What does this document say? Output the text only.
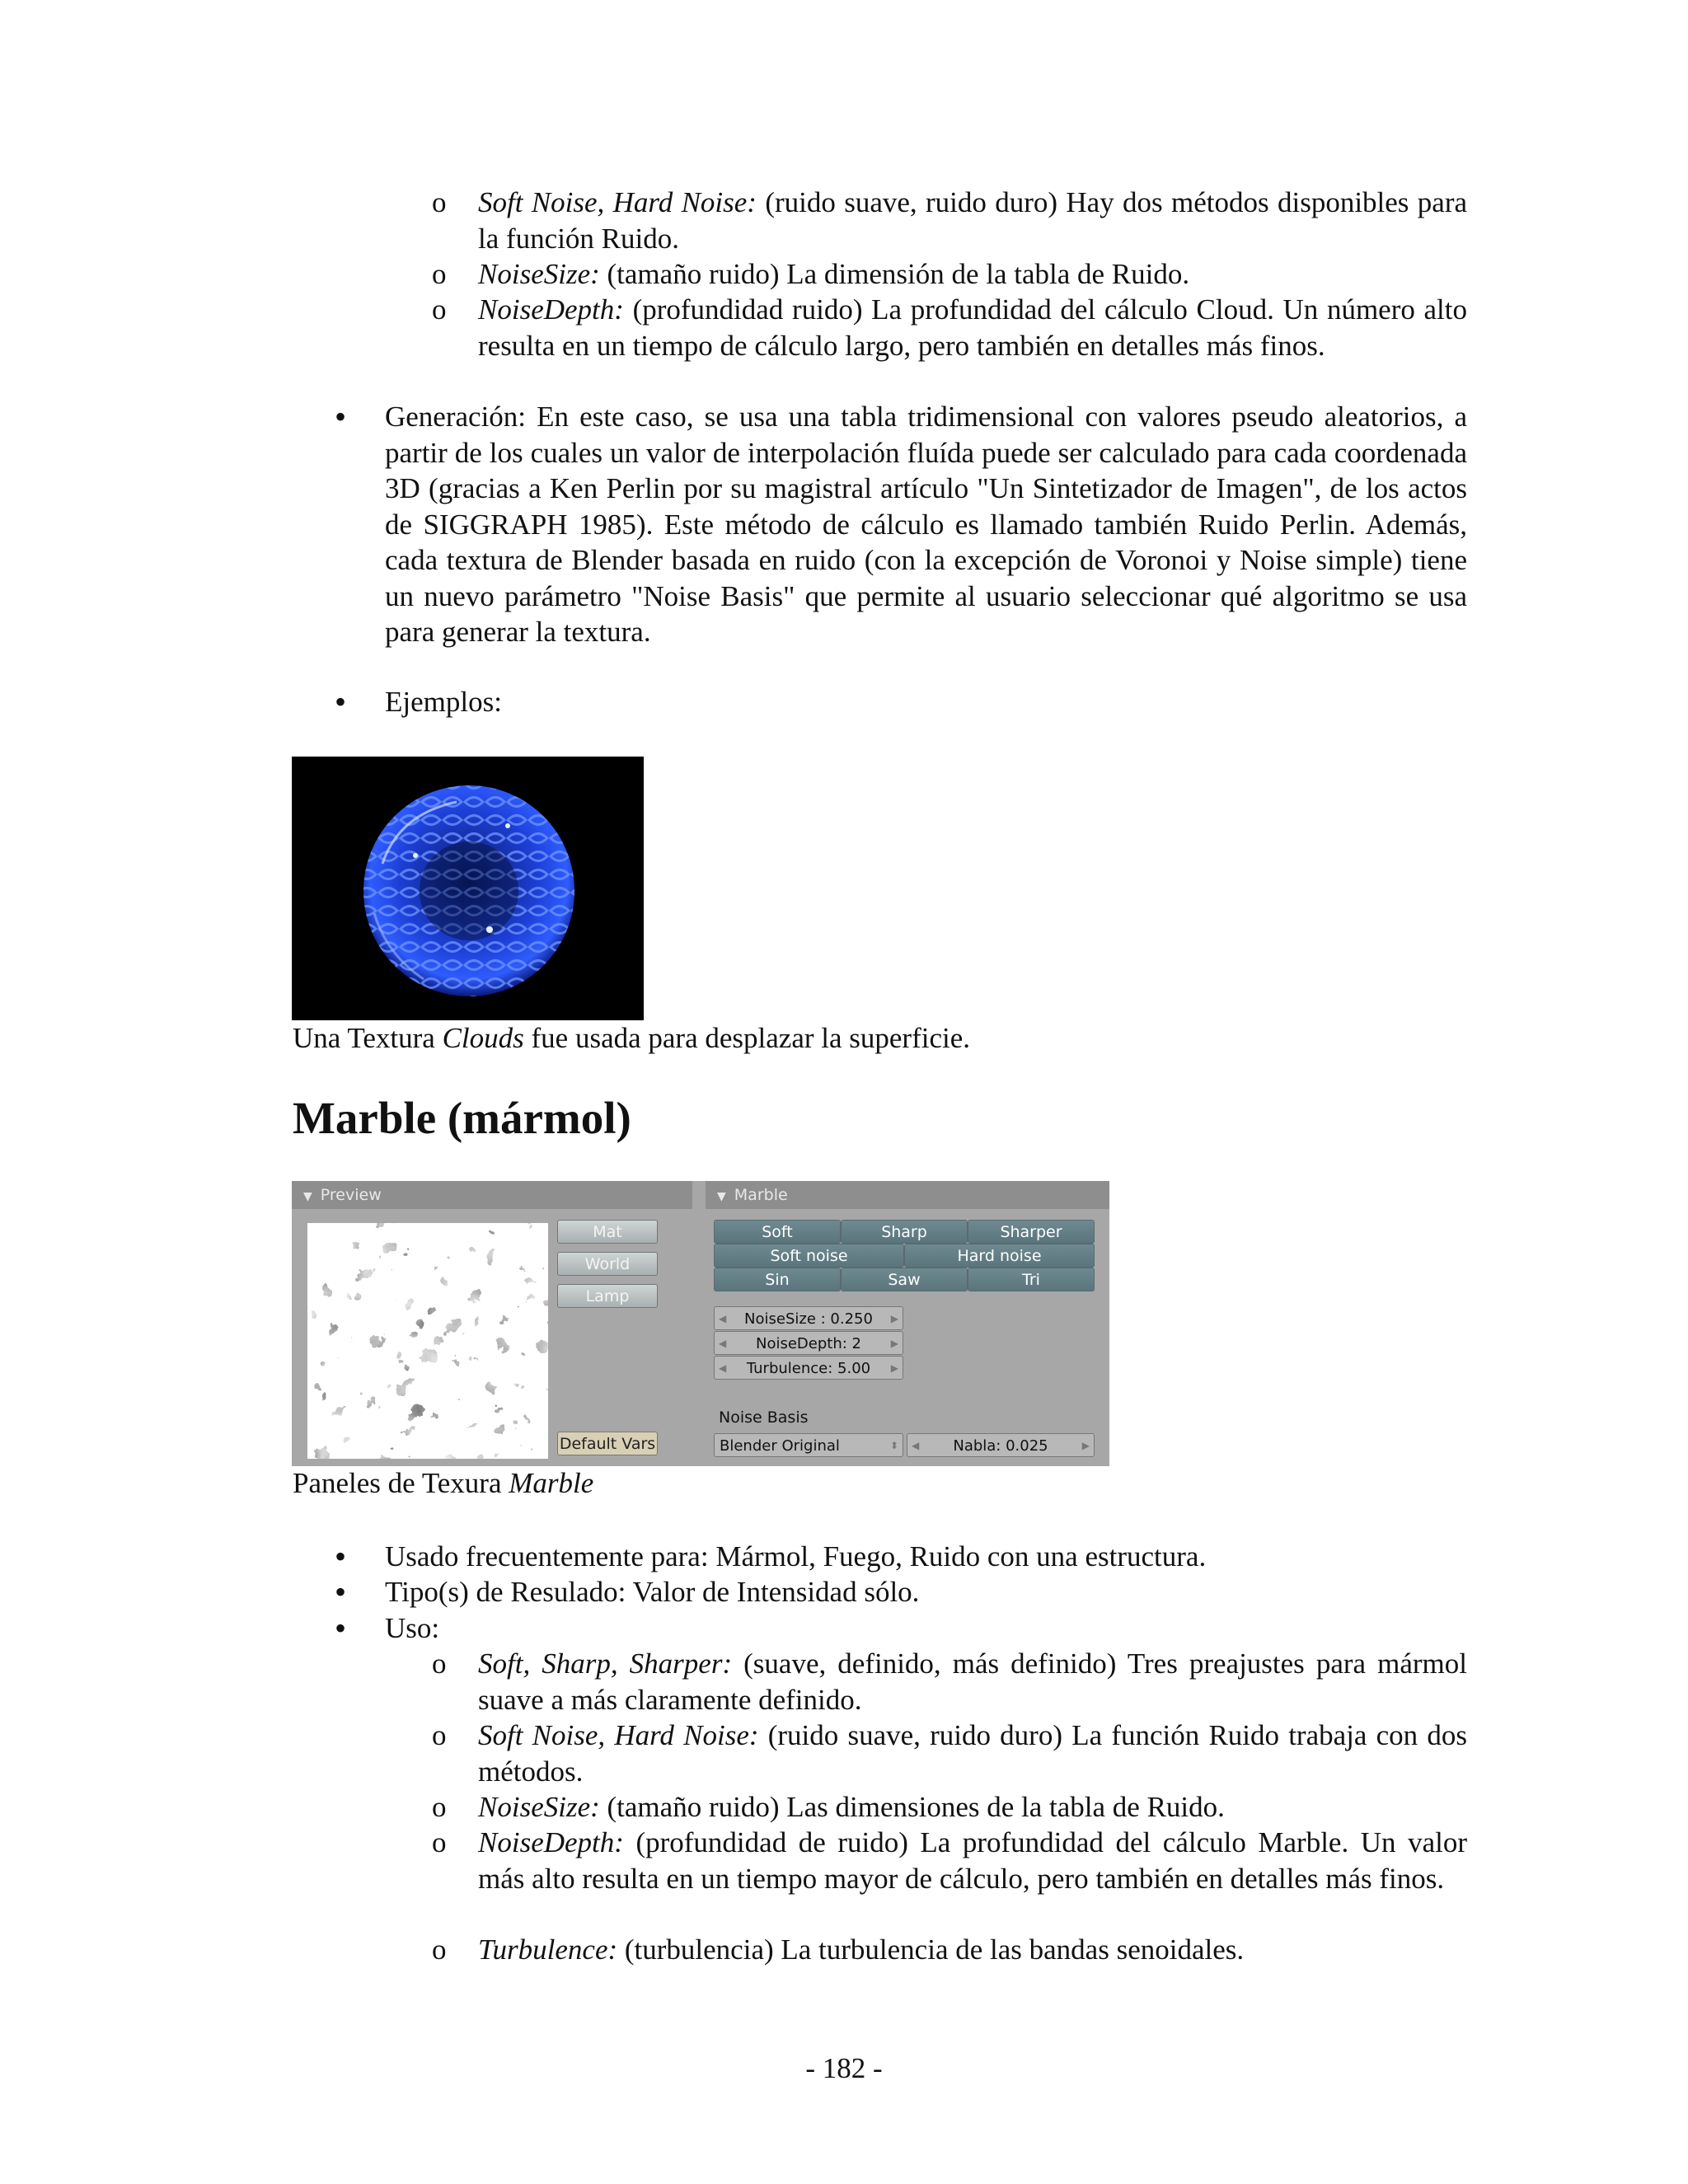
o Soft Noise, Hard Noise: (ruido suave, ruido duro) Hay dos métodos disponibles para la función Ruido.
o NoiseSize: (tamaño ruido) La dimensión de la tabla de Ruido.
o NoiseDepth: (profundidad ruido) La profundidad del cálculo Cloud. Un número alto resulta en un tiempo de cálculo largo, pero también en detalles más finos.
• Generación: En este caso, se usa una tabla tridimensional con valores pseudo aleatorios, a partir de los cuales un valor de interpolación fluída puede ser calculado para cada coordenada 3D (gracias a Ken Perlin por su magistral artículo "Un Sintetizador de Imagen", de los actos de SIGGRAPH 1985). Este método de cálculo es llamado también Ruido Perlin. Además, cada textura de Blender basada en ruido (con la excepción de Voronoi y Noise simple) tiene un nuevo parámetro "Noise Basis" que permite al usuario seleccionar qué algoritmo se usa para generar la textura.
• Ejemplos:
Una Textura Clouds fue usada para desplazar la superficie.
Marble (mármol)
▼ Preview	▼ Marble
Mat
World
Lamp
Default Vars
Soft	Sharp	Sharper
Soft noise	Hard noise
Sin	Saw	Tri
◀ NoiseSize : 0.250 ▶
◀ NoiseDepth: 2	▶
◀ Turbulence: 5.00 ▶
Noise Basis
Blender Original	⬍ ◀ Nabla: 0.025	▶
Paneles de Texura Marble
• Usado frecuentemente para: Mármol, Fuego, Ruido con una estructura.
• Tipo(s) de Resulado: Valor de Intensidad sólo.
• Uso:
o Soft, Sharp, Sharper: (suave, definido, más definido) Tres preajustes para mármol suave a más claramente definido.
o Soft Noise, Hard Noise: (ruido suave, ruido duro) La función Ruido trabaja con dos métodos.
o NoiseSize: (tamaño ruido) Las dimensiones de la tabla de Ruido.
o NoiseDepth: (profundidad de ruido) La profundidad del cálculo Marble. Un valor más alto resulta en un tiempo mayor de cálculo, pero también en detalles más finos.
o Turbulence: (turbulencia) La turbulencia de las bandas senoidales.
- 182 -
